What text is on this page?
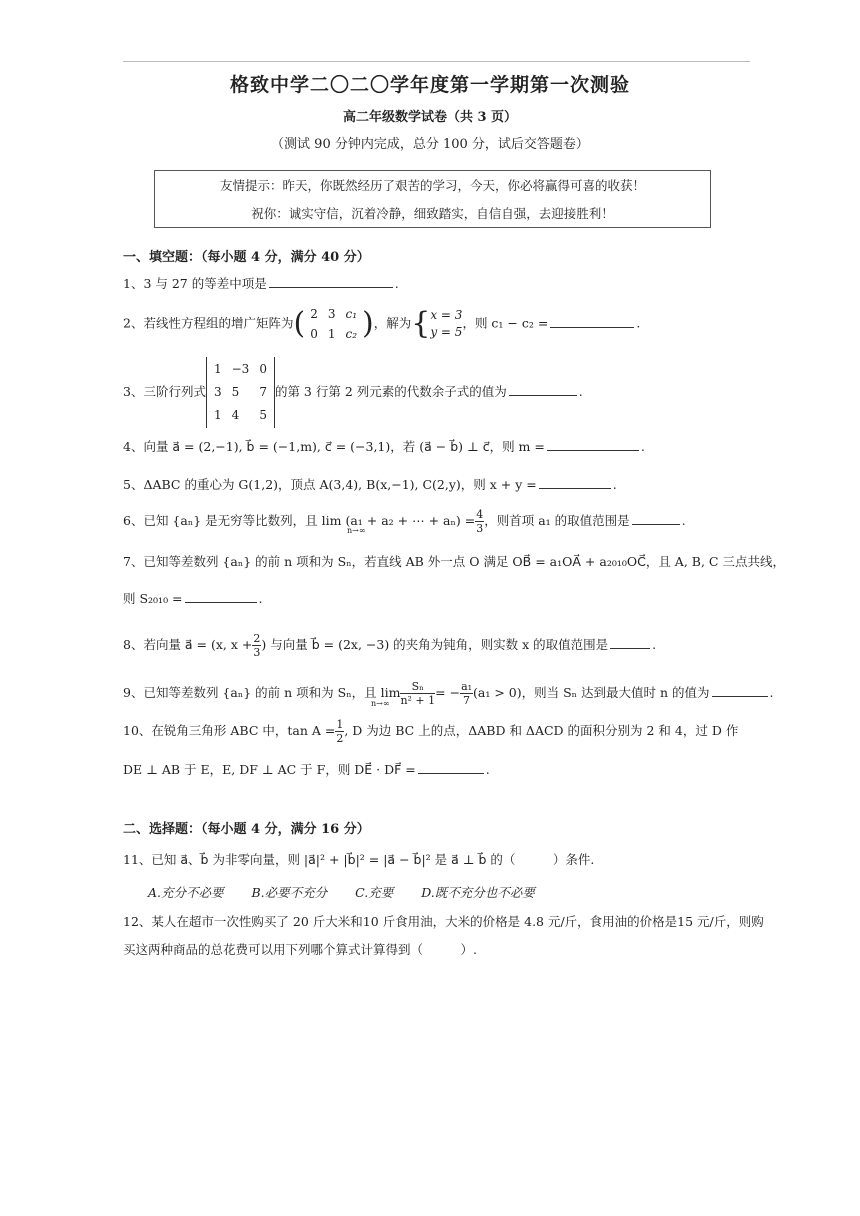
格致中学二〇二〇学年度第一学期第一次测验
高二年级数学试卷（共 3 页）
（测试 90 分钟内完成，总分 100 分，试后交答题卷）
友情提示：昨天，你既然经历了艰苦的学习，今天，你必将赢得可喜的收获！
祝你：诚实守信，沉着冷静，细致踏实，自信自强，去迎接胜利！
一、填空题：（每小题 4 分，满分 40 分）
1、3 与 27 的等差中项是	.
2、若线性方程组的增广矩阵为( 2	3	c₁
0	1	c₂ )，解为{ x = 3
y = 5
，则 c₁ − c₂ =	.
3、三阶行列式
1	−3	0
3	5	7
1	4	5
的第 3 行第 2 列元素的代数余子式的值为	.
4、向量 a⃗ = (2,−1), b⃗ = (−1,m), c⃗ = (−3,1)，若 (a⃗ − b⃗) ⊥ c⃗，则 m =	.
5、ΔABC 的重心为 G(1,2)，顶点 A(3,4), B(x,−1), C(2,y)，则 x + y =	.
6、已知 {aₙ} 是无穷等比数列，且 lim (a₁ + a₂ + ⋯ + $a_n) = \frac{4}{3}$ ，则首项 a₁ 的取值范围是	.
n→∞
7、已知等差数列 {aₙ} 的前 n 项和为 Sₙ，若直线 AB 外一点 O 满足 OB⃗ = a₁OA⃗ + a₂₀₁₀OC⃗，且 A, B, C 三点共线，
则 S₂₀₁₀ =	.
8、若向量 a⃗ = (x, $x + \frac{2}{3}$ ) 与向量 b⃗ = (2x, −3) 的夹角为钝角，则实数 x 的取值范围是	.
9、已知等差数列 {aₙ} 的前 n 项和为 Sₙ，且 $\lim \frac{\text{Sₙ}}{\text{n² + 1}}$ = − $\frac{\text{a₁}}{7} (a_1 > 0)$，则当 Sₙ 达到最大值时 n 的值为	.
n→∞
10、在锐角三角形 ABC 中，$\tan A = \frac{1}{2}$ , D 为边 BC 上的点，ΔABD 和 ΔACD 的面积分别为 2 和 4，过 D 作
DE ⊥ AB 于 E，E, DF ⊥ AC 于 F，则 DE⃗ · DF⃗ =	.
二、选择题：（每小题 4 分，满分 16 分）
11、已知 a⃗、b⃗ 为非零向量，则 |a⃗|² + |b⃗|² = |a⃗ − b⃗|² 是 a⃗ ⊥ b⃗ 的（　　　）条件.
A.充分不必要 B.必要不充分 C.充要 D.既不充分也不必要
12、某人在超市一次性购买了 20 斤大米和10 斤食用油，大米的价格是 4.8 元/斤，食用油的价格是15 元/斤，则购
买这两种商品的总花费可以用下列哪个算式计算得到（　　　）.
